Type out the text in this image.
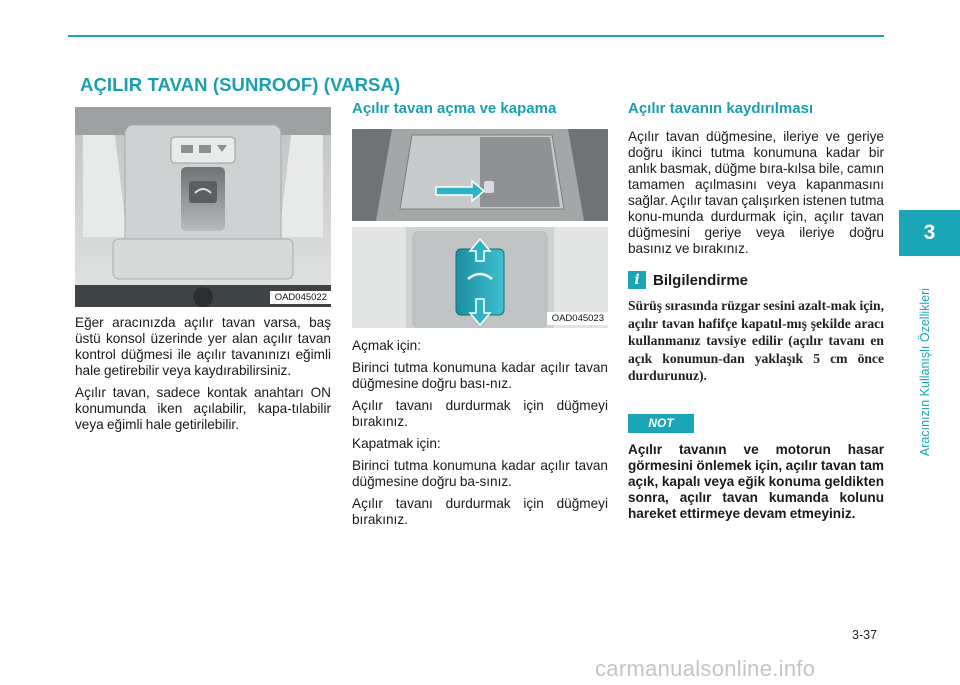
AÇILIR TAVAN (SUNROOF) (VARSA)
3
Aracınızın Kullanışlı Özellikleri
OAD045022

Eğer aracınızda açılır tavan varsa, baş üstü konsol üzerinde yer alan açılır tavan kontrol düğmesi ile açılır tavanınızı eğimli hale getirebilir veya kaydırabilirsiniz.

Açılır tavan, sadece kontak anahtarı ON konumunda iken açılabilir, kapa-tılabilir veya eğimli hale getirilebilir.

Açılır tavan açma ve kapama
OAD045023

Açmak için:

Birinci tutma konumuna kadar açılır tavan düğmesine doğru bası-nız.

Açılır tavanı durdurmak için düğmeyi bırakınız.

Kapatmak için:

Birinci tutma konumuna kadar açılır tavan düğmesine doğru ba-sınız.

Açılır tavanı durdurmak için düğmeyi bırakınız.

Açılır tavanın kaydırılması

Açılır tavan düğmesine, ileriye ve geriye doğru ikinci tutma konumuna kadar bir anlık basmak, düğme bıra-kılsa bile, camın tamamen açılmasını veya kapanmasını sağlar. Açılır tavan çalışırken istenen tutma konu-munda durdurmak için, açılır tavan düğmesini geriye veya ileriye doğru basınız ve bırakınız.

i Bilgilendirme

Sürüş sırasında rüzgar sesini azalt-mak için, açılır tavan hafifçe kapatıl-mış şekilde aracı kullanmanız tavsiye edilir (açılır tavanı en açık konumun-dan yaklaşık 5 cm önce durdurunuz).

NOT

Açılır tavanın ve motorun hasar görmesini önlemek için, açılır tavan tam açık, kapalı veya eğik konuma geldikten sonra, açılır tavan kumanda kolunu hareket ettirmeye devam etmeyiniz.

3-37
carmanualsonline.info
